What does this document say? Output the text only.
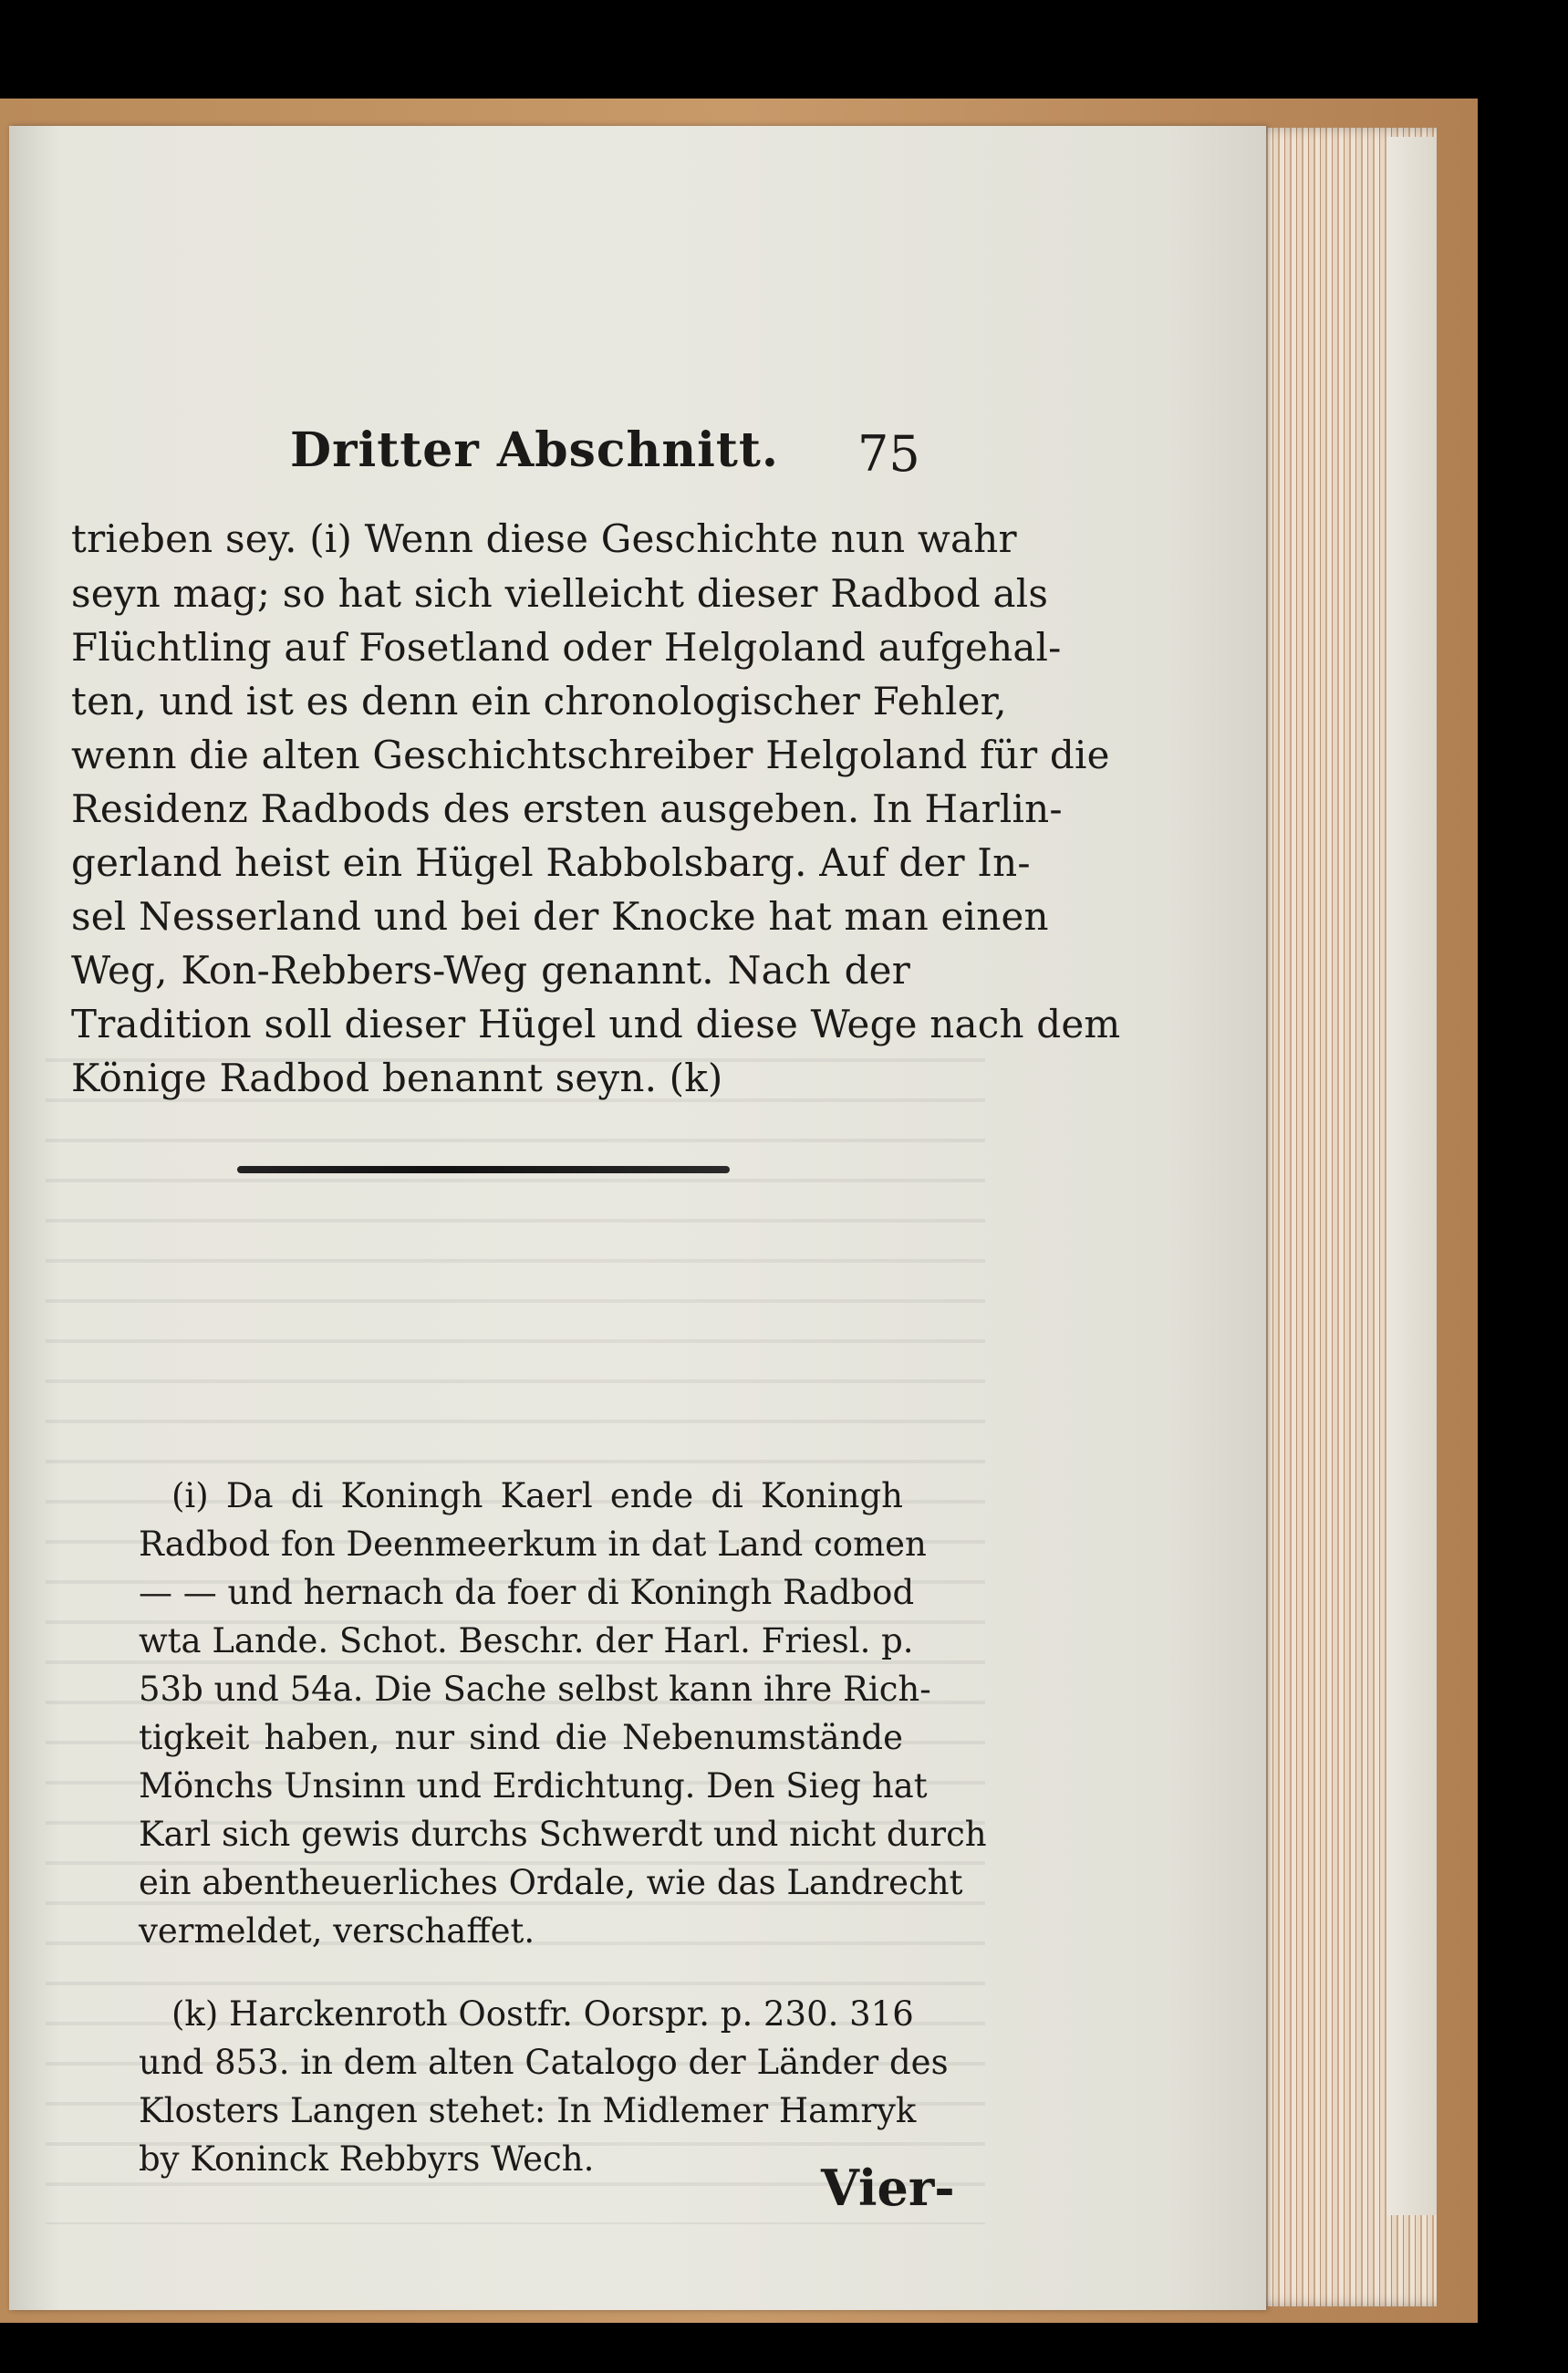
Dritter Abschnitt. 75

trieben sey. (i) Wenn diese Geschichte nun wahr

seyn mag; so hat sich vielleicht dieser Radbod als

Flüchtling auf Fosetland oder Helgoland aufgehal-

ten, und ist es denn ein chronologischer Fehler,

wenn die alten Geschichtschreiber Helgoland für die

Residenz Radbods des ersten ausgeben. In Harlin-

gerland heist ein Hügel Rabbolsbarg. Auf der In-

sel Nesserland und bei der Knocke hat man einen

Weg, Kon-Rebbers-Weg genannt. Nach der

Tradition soll dieser Hügel und diese Wege nach dem

Könige Radbod benannt seyn. (k)

(i) Da di Koningh Kaerl ende di Koningh

Radbod fon Deenmeerkum in dat Land comen

— — und hernach da foer di Koningh Radbod

wta Lande. Schot. Beschr. der Harl. Friesl. p.

53b und 54a. Die Sache selbst kann ihre Rich-

tigkeit haben, nur sind die Nebenumstände

Mönchs Unsinn und Erdichtung. Den Sieg hat

Karl sich gewis durchs Schwerdt und nicht durch

ein abentheuerliches Ordale, wie das Landrecht

vermeldet, verschaffet.

(k) Harckenroth Oostfr. Oorspr. p. 230. 316

und 853. in dem alten Catalogo der Länder des

Klosters Langen stehet: In Midlemer Hamryk

by Koninck Rebbyrs Wech.	Vier-
